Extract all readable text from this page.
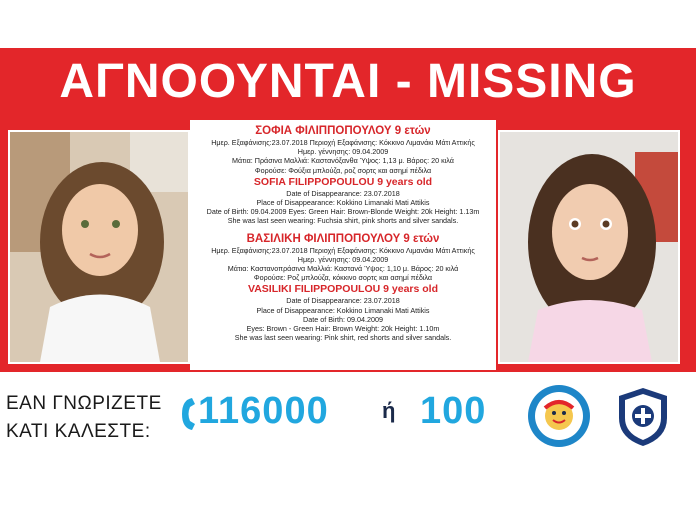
ΑΓΝΟΟΥΝΤΑΙ - MISSING
ΣΟΦΙΑ ΦΙΛΙΠΠΟΠΟΥΛΟΥ 9 ετών
Ημερ. Εξαφάνισης:23.07.2018 Περιοχή Εξαφάνισης: Κόκκινο Λιμανάκι Μάτι Αττικής
Ημερ. γέννησης: 09.04.2009
Μάτια: Πράσινα Μαλλιά: Καστανόξανθα Ύψος: 1,13 μ. Βάρος: 20 κιλά
Φορούσε: Φούξια μπλούζα, ροζ σορτς και ασημί πέδιλα
SOFIA FILIPPOPOULOU 9 years old
Date of Disappearance: 23.07.2018
Place of Disappearance: Kokkino Limanaki Mati Attikis
Date of Birth: 09.04.2009 Eyes: Green Hair: Brown-Blonde Weight: 20k Height: 1.13m
She was last seen wearing: Fuchsia shirt, pink shorts and silver sandals.
ΒΑΣΙΛΙΚΗ ΦΙΛΙΠΠΟΠΟΥΛΟΥ 9 ετών
Ημερ. Εξαφάνισης:23.07.2018 Περιοχή Εξαφάνισης: Κόκκινο Λιμανάκι Μάτι Αττικής
Ημερ. γέννησης: 09.04.2009
Μάτια: Καστανοπράσινα Μαλλιά: Καστανά Ύψος: 1,10 μ. Βάρος: 20 κιλά
Φορούσε: Ροζ μπλούζα, κόκκινο σορτς και ασημί πέδιλα
VASILIKI FILIPPOPOULOU 9 years old
Date of Disappearance: 23.07.2018
Place of Disappearance: Kokkino Limanaki Mati Attikis
Date of Birth: 09.04.2009
Eyes: Brown - Green Hair: Brown Weight: 20k Height: 1.10m
She was last seen wearing: Pink shirt, red shorts and silver sandals.
ΕΑΝ ΓΝΩΡΙΖΕΤΕ
ΚΑΤΙ ΚΑΛΕΣΤΕ: 116000 ή 100
